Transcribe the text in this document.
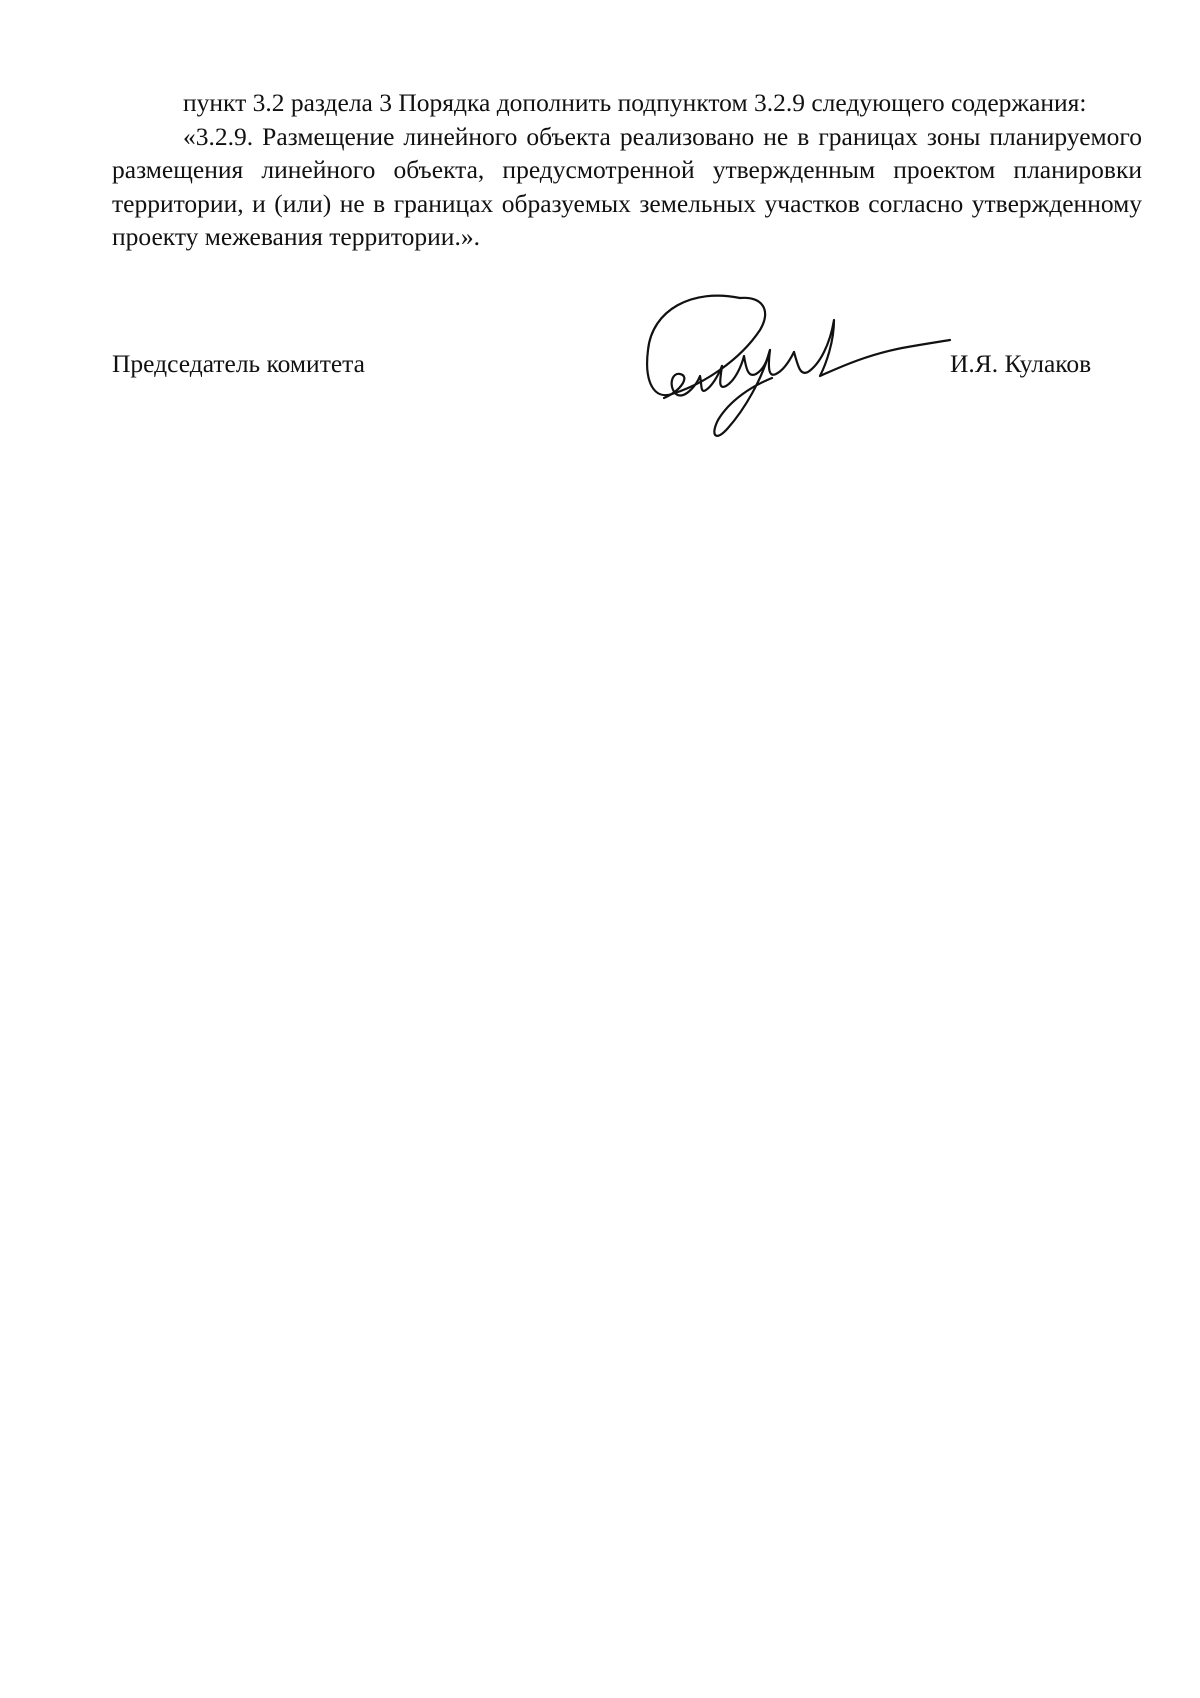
пункт 3.2 раздела 3 Порядка дополнить подпунктом 3.2.9 следующего содержания:

«3.2.9. Размещение линейного объекта реализовано не в границах зоны планируемого размещения линейного объекта, предусмотренной утвержденным проектом планировки территории, и (или) не в границах образуемых земельных участков согласно утвержденному проекту межевания территории.».

Председатель комитета	И.Я. Кулаков
